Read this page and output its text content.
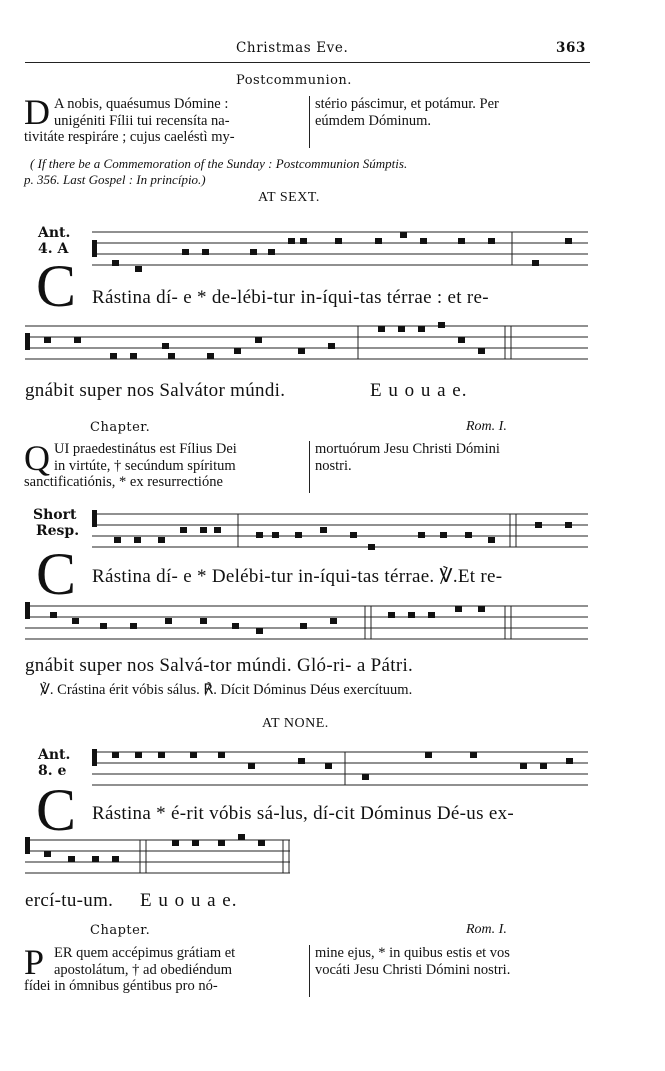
Christmas Eve.	363
Postcommunion.
D A nobis, quaésumus Dómine :
unigéniti Fílii tui recensíta na-
tivitáte respiráre ; cujus caeléstì my-
stério páscimur, et potámur. Per
eúmdem Dóminum.
( If there be a Commemoration of the Sunday : Postcommunion Súmptis.
p. 356. Last Gospel : In princípio.)
AT SEXT.
Ant.
4. A
C Rástina dí- e * de-lébi-tur in-íqui-tas térrae : et re-
gnábit super nos Salvátor múndi.	E u o u a e.
Chapter.	Rom. I.
Q UI praedestinátus est Fílius Dei
in virtúte, † secúndum spíritum
sanctificatiónis, * ex resurrectióne
mortuórum Jesu Christi Dómini
nostri.
Short
Resp.
C Rástina dí- e * Delébi-tur in-íqui-tas térrae. ℣.Et re-
gnábit super nos Salvá-tor múndi. Gló-ri- a Pátri.
℣. Crástina érit vóbis sálus. ℟. Dícit Dóminus Déus exercítuum.
AT NONE.
Ant.
8. e
C Rástina * é-rit vóbis sá-lus, dí-cit Dóminus Dé-us ex-
ercí-tu-um. E u o u a e.
Chapter.	Rom. I.
P ER quem accépimus grátiam et
apostolátum, † ad obediéndum
fídei in ómnibus géntibus pro nó-
mine ejus, * in quibus estis et vos
vocáti Jesu Christi Dómini nostri.
